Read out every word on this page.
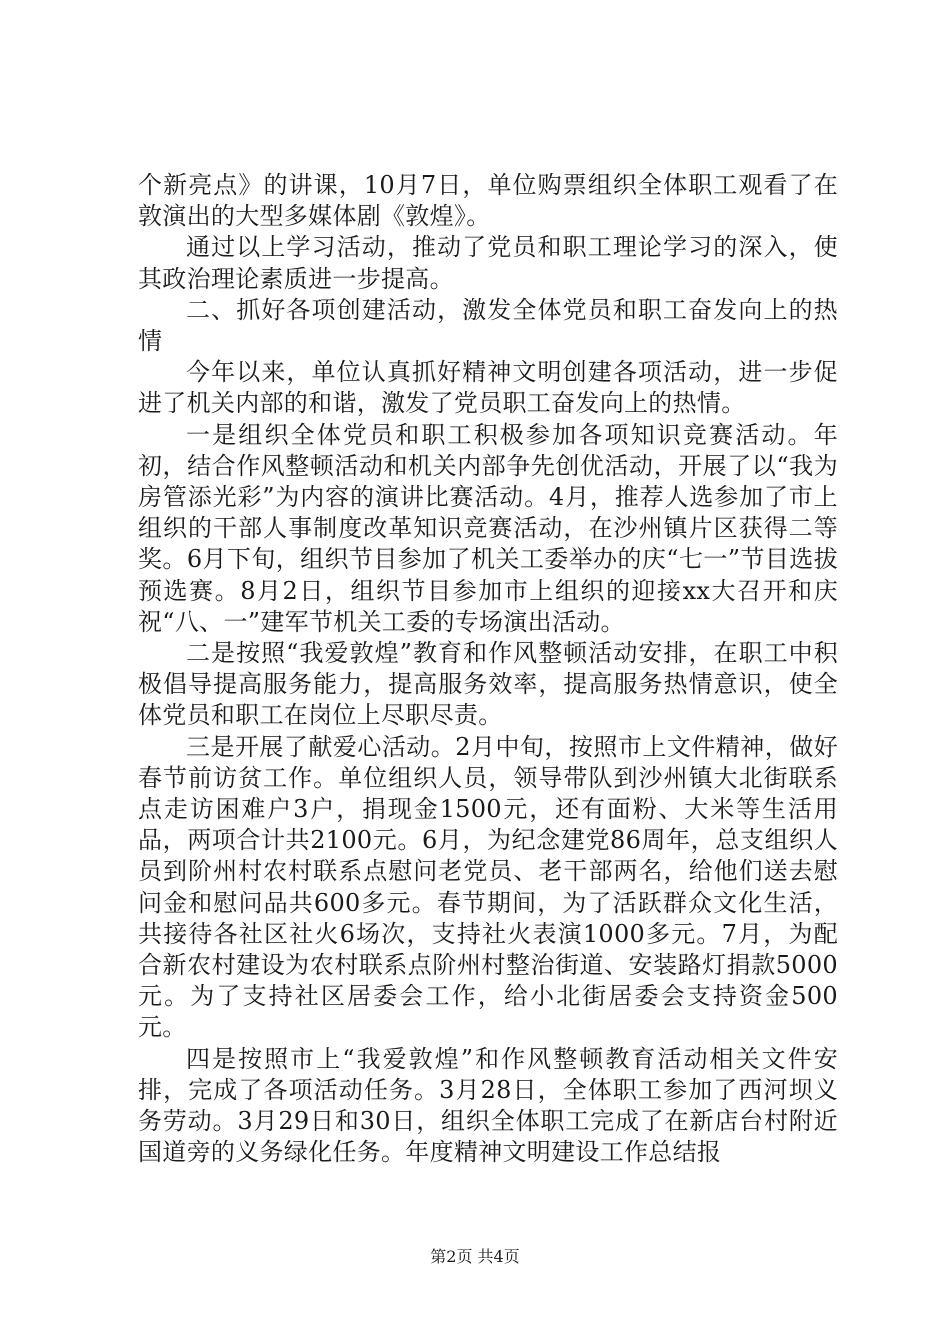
个新亮点》的讲课，10月7日，单位购票组织全体职工观看了在敦演出的大型多媒体剧《敦煌》。

通过以上学习活动，推动了党员和职工理论学习的深入，使其政治理论素质进一步提高。

二、抓好各项创建活动，激发全体党员和职工奋发向上的热情

今年以来，单位认真抓好精神文明创建各项活动，进一步促进了机关内部的和谐，激发了党员职工奋发向上的热情。

一是组织全体党员和职工积极参加各项知识竞赛活动。年初，结合作风整顿活动和机关内部争先创优活动，开展了以“我为房管添光彩”为内容的演讲比赛活动。4月，推荐人选参加了市上组织的干部人事制度改革知识竞赛活动，在沙州镇片区获得二等奖。6月下旬，组织节目参加了机关工委举办的庆“七一”节目选拔预选赛。8月2日，组织节目参加市上组织的迎接xx大召开和庆祝“八、一”建军节机关工委的专场演出活动。

二是按照“我爱敦煌”教育和作风整顿活动安排，在职工中积极倡导提高服务能力，提高服务效率，提高服务热情意识，使全体党员和职工在岗位上尽职尽责。

三是开展了献爱心活动。2月中旬，按照市上文件精神，做好春节前访贫工作。单位组织人员，领导带队到沙州镇大北街联系点走访困难户3户，捐现金1500元，还有面粉、大米等生活用品，两项合计共2100元。6月，为纪念建党86周年，总支组织人员到阶州村农村联系点慰问老党员、老干部两名，给他们送去慰问金和慰问品共600多元。春节期间，为了活跃群众文化生活，共接待各社区社火6场次，支持社火表演1000多元。7月，为配合新农村建设为农村联系点阶州村整治街道、安装路灯捐款5000元。为了支持社区居委会工作，给小北街居委会支持资金500元。

四是按照市上“我爱敦煌”和作风整顿教育活动相关文件安排，完成了各项活动任务。3月28日，全体职工参加了西河坝义务劳动。3月29日和30日，组织全体职工完成了在新店台村附近国道旁的义务绿化任务。年度精神文明建设工作总结报

第2页 共4页
